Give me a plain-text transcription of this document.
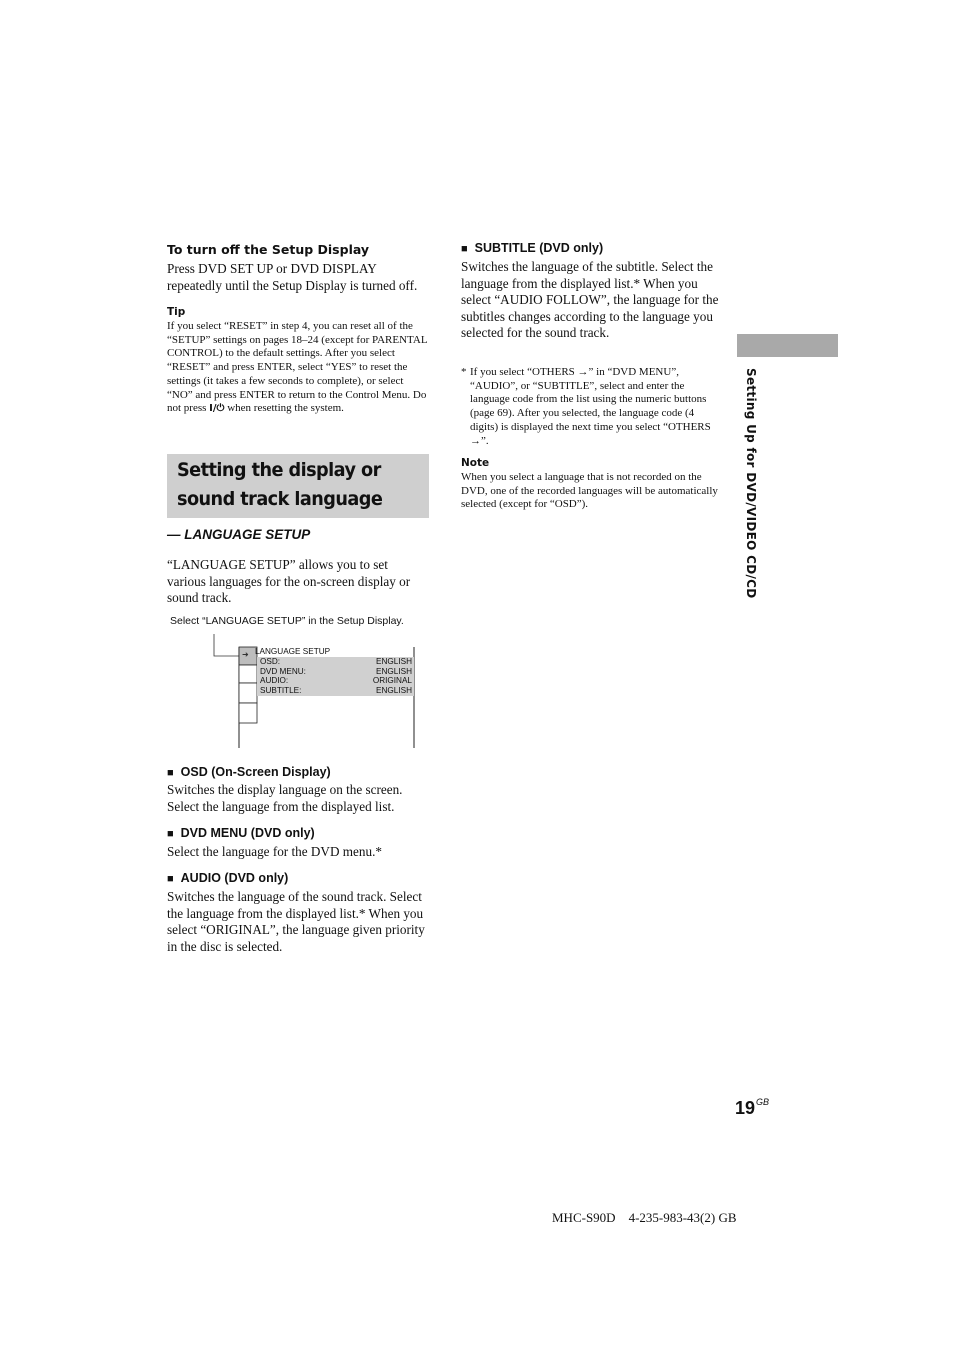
To turn off the Setup Display
Press DVD SET UP or DVD DISPLAY repeatedly until the Setup Display is turned off.
Tip
If you select “RESET” in step 4, you can reset all of the “SETUP” settings on pages 18–24 (except for PARENTAL CONTROL) to the default settings. After you select “RESET” and press ENTER, select “YES” to reset the settings (it takes a few seconds to complete), or select “NO” and press ENTER to return to the Control Menu. Do not press I/⏻ when resetting the system.
Setting the display or sound track language
— LANGUAGE SETUP
“LANGUAGE SETUP” allows you to set various languages for the on-screen display or sound track.
Select “LANGUAGE SETUP” in the Setup Display.
➜ LANGUAGE SETUP
OSD:	ENGLISH
DVD MENU:	ENGLISH
AUDIO:	ORIGINAL
SUBTITLE:	ENGLISH
■ OSD (On-Screen Display)
Switches the display language on the screen. Select the language from the displayed list.
■ DVD MENU (DVD only)
Select the language for the DVD menu.*
■ AUDIO (DVD only)
Switches the language of the sound track. Select the language from the displayed list.* When you select “ORIGINAL”, the language given priority in the disc is selected.
■ SUBTITLE (DVD only)
Switches the language of the subtitle. Select the language from the displayed list.* When you select “AUDIO FOLLOW”, the language for the subtitles changes according to the language you selected for the sound track.
* If you select “OTHERS →” in “DVD MENU”, “AUDIO”, or “SUBTITLE”, select and enter the language code from the list using the numeric buttons (page 69). After you selected, the language code (4 digits) is displayed the next time you select “OTHERS →”.
Note
When you select a language that is not recorded on the DVD, one of the recorded languages will be automatically selected (except for “OSD”).	Setting Up for DVD/VIDEO CD/CD
$19^{GB}$
MHC-S90D    4-235-983-43(2) GB
